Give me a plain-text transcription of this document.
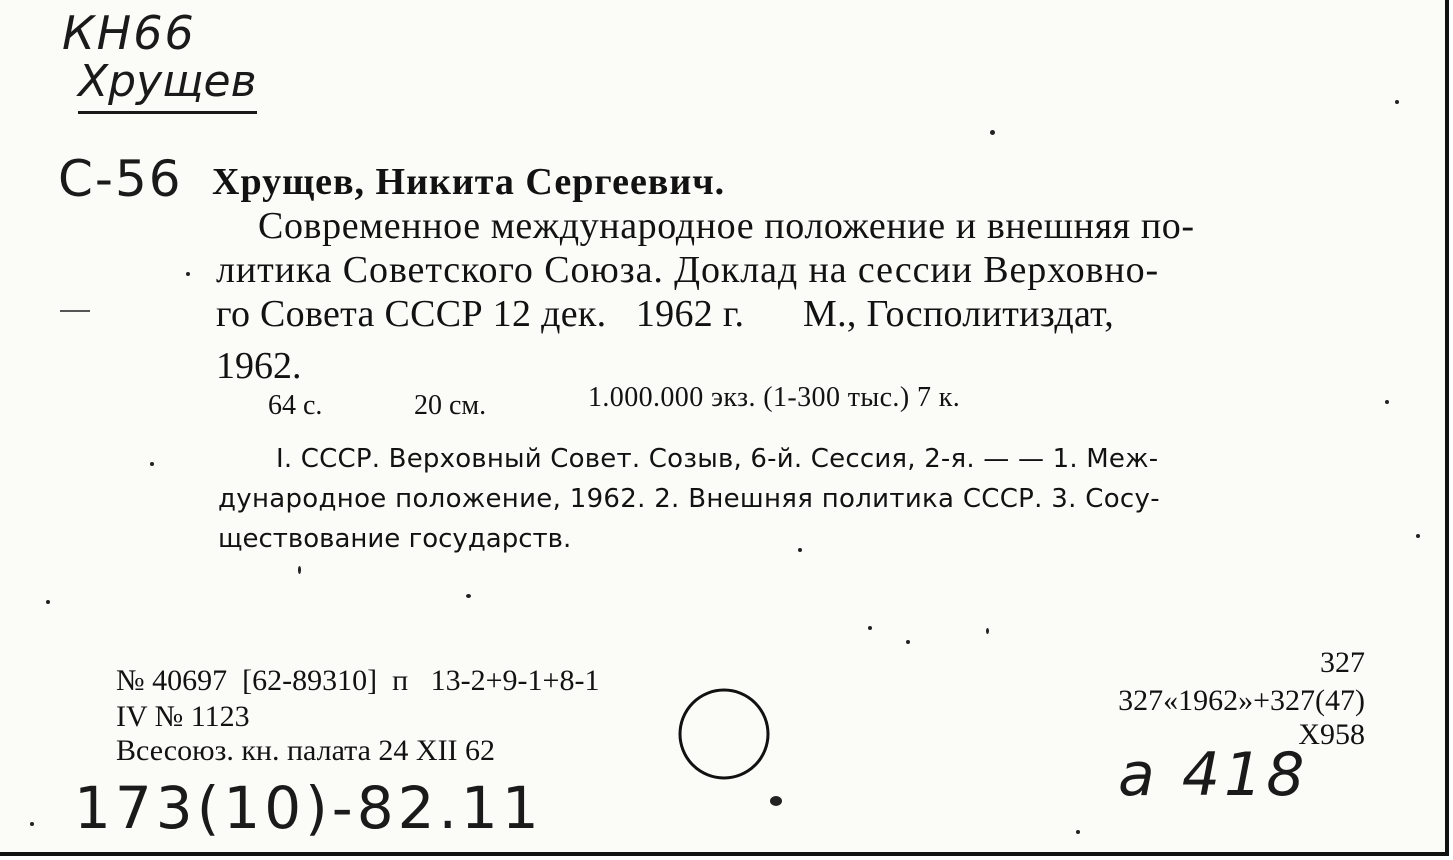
КН66
Хрущев
С-56 Хрущев, Никита Сергеевич.
Современное международное положение и внешняя по-
литика Советского Союза. Доклад на сессии Верховно-
го Совета СССР 12 дек.   1962 г.      М., Госполитиздат,
1962.
64 с.	20 см.	1.000.000 экз. (1-300 тыс.) 7 к.
I. СССР. Верховный Совет. Созыв, 6-й. Сессия, 2-я. — — 1. Меж-
дународное положение, 1962. 2. Внешняя политика СССР. 3. Сосу-
ществование государств.
№ 40697  [62-89310]  п   13-2+9-1+8-1
IV № 1123
Всесоюз. кн. палата 24 XII 62
327
327«1962»+327(47)
Х958
173(10)-82.11	а 418
